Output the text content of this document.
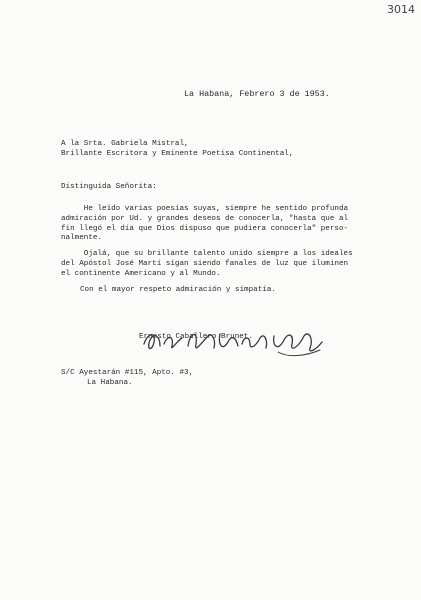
3014
La Habana, Febrero 3 de 1953.
A la Srta. Gabriela Mistral,
Brillante Escritora y Eminente Poetisa Continental,
Distinguida Señorita:
He leído varias poesías suyas, siempre he sentido profunda
admiración por Ud. y grandes deseos de conocerla, "hasta que al
fin llegó el día que Dios dispuso que pudiera conocerla" perso-
nalmente.
Ojalá, que su brillante talento unido siempre a los ideales
del Apóstol José Martí sigan siendo fanales de luz que iluminen
el continente Americano y al Mundo.
Con el mayor respeto admiración y simpatía.
Ernesto Caballero Brunet.
S/C Ayestarán #115, Apto. #3,
La Habana.
